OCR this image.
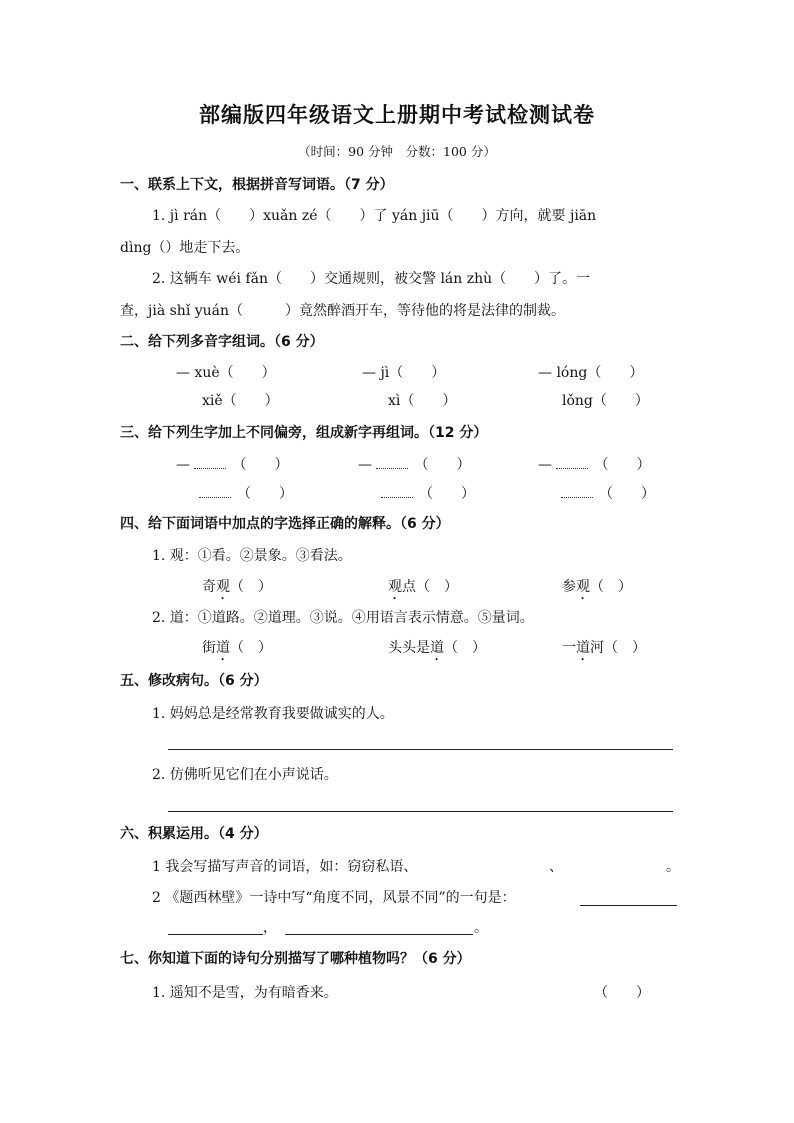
部编版四年级语文上册期中考试检测试卷
（时间：90 分钟　分数：100 分）
一、联系上下文，根据拼音写词语。（7 分）
1. jì rán（　　）xuǎn zé（　　）了 yán jiū（　　）方向，就要 jiān
dìng（）地走下去。
2. 这辆车 wéi fǎn（　　）交通规则，被交警 lán zhù（　　）了。一
查，jià shǐ yuán（　　　）竟然醉酒开车，等待他的将是法律的制裁。
二、给下列多音字组词。（6 分）
— xuè（　　）	— jì（　　）	— lóng（　　）
xiě（　　）	xì（　　）	lǒng（　　）
三、给下列生字加上不同偏旁，组成新字再组词。（12 分）
—	（　　）	—	（　　）	—	（　　）
（　　）	（　　）	（　　）
四、给下面词语中加点的字选择正确的解释。（6 分）
1. 观：①看。②景象。③看法。
奇观（　）	观点（　）	参观（　）
2. 道：①道路。②道理。③说。④用语言表示情意。⑤量词。
街道（　）	头头是道（　）	一道河（　）
五、修改病句。（6 分）
1. 妈妈总是经常教育我要做诚实的人。
2. 仿佛听见它们在小声说话。
六、积累运用。（4 分）
1 我会写描写声音的词语，如：窃窃私语、	、	。
2 《题西林壁》一诗中写“角度不同，风景不同”的一句是：
，	。
七、你知道下面的诗句分别描写了哪种植物吗？（6 分）
1. 遥知不是雪，为有暗香来。	（　　）
